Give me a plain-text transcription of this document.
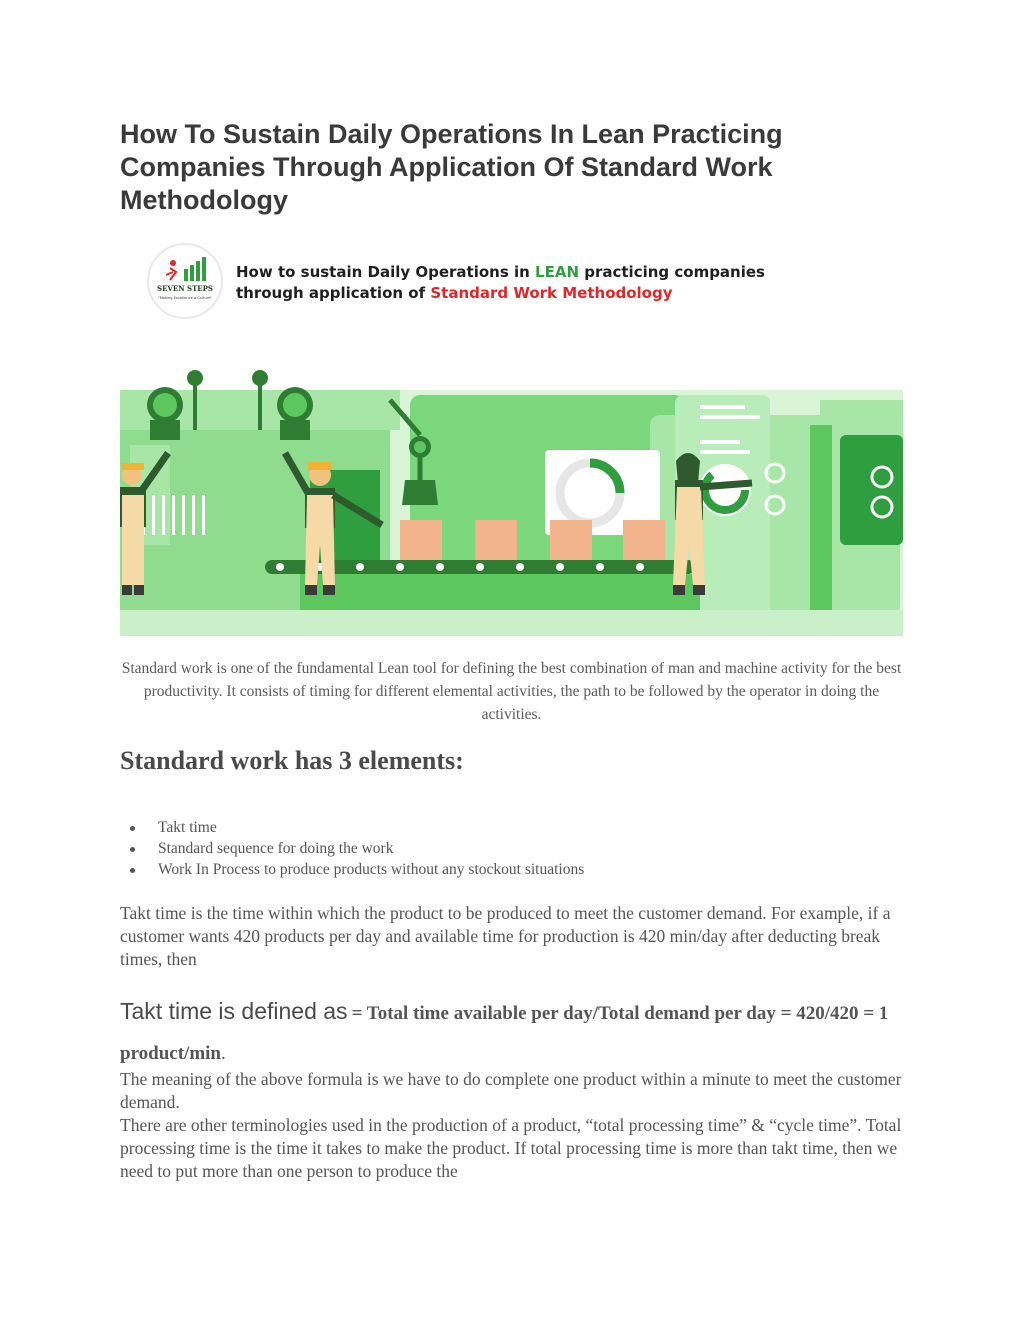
How To Sustain Daily Operations In Lean Practicing Companies Through Application Of Standard Work Methodology
SEVEN STEPS
"Making Excellence a Culture"
How to sustain Daily Operations in LEAN practicing companies
through application of Standard Work Methodology
Standard work is one of the fundamental Lean tool for defining the best combination of man and machine activity for the best productivity. It consists of timing for different elemental activities, the path to be followed by the operator in doing the activities.
Standard work has 3 elements:
Takt time
Standard sequence for doing the work
Work In Process to produce products without any stockout situations
Takt time is the time within which the product to be produced to meet the customer demand. For example, if a customer wants 420 products per day and available time for production is 420 min/day after deducting break times, then
Takt time is defined as = Total time available per day/Total demand per day = 420/420 = 1 product/min.
The meaning of the above formula is we have to do complete one product within a minute to meet the customer demand.
There are other terminologies used in the production of a product, “total processing time” & “cycle time”. Total processing time is the time it takes to make the product. If total processing time is more than takt time, then we need to put more than one person to produce the
